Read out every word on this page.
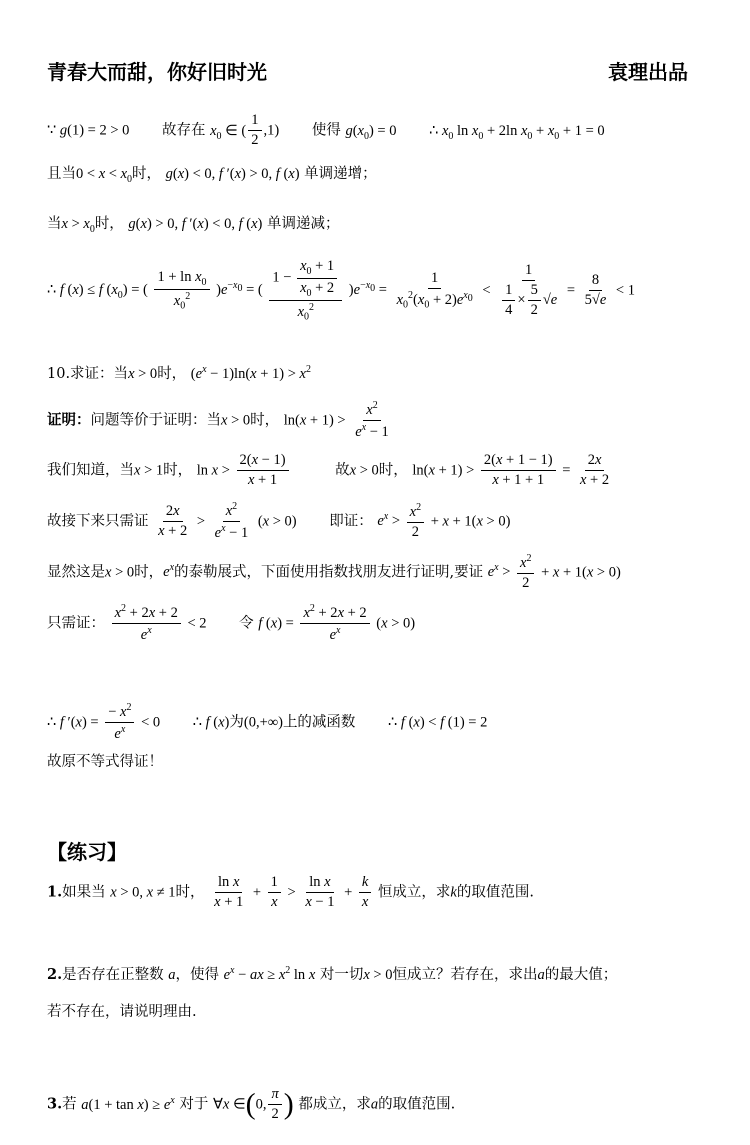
青春大而甜，你好旧时光	袁理出品
∵ g(1) = 2 > 0 故存在 $x_0$ ∈ ( $\frac{1}{2} ,1$) 使得 $g(x_0) = 0$ ∴ $x_0$ $\ln x_0 + 2\ln$ $x_0 + x_0 + 1 = 0$
且当$0 < x < x_0$时， g(x) < 0, f ′(x) > 0, f (x) 单调递增；
当$x > x_0$时， g(x) > 0, f ′(x) < 0, f (x) 单调递减；
∴ f (x) ≤ f $(x_0)$ = ( $\frac{1 + \ln x_0}{x_0^2} )e^{-x_0}$ = ( $\frac{1 - \frac{x_0 + 1}{x_0 + 2}}{x_0^2} )e^{-x_0} = \frac{1}{x_0^2(x_0 + 2)e^{x_0}} < \frac{1}{\frac{1}{4} \times \frac{5}{2} √e} = \frac{8}{5√e} < 1$
10.求证：当x > 0时， $(e^x - 1)\ln(x + 1) > x^2$
证明：问题等价于证明：当x > 0时， $\ln(x + 1) > \frac{x^2}{e^x - 1}$
我们知道，当x > 1时， $\ln x > \frac{2(x - 1)}{x + 1}$	故x > 0时， $\ln(x + 1) > \frac{2(x + 1 - 1)}{x + 1 + 1} = \frac{2x}{x + 2}$
故接下来只需证 $\frac{2x}{x + 2} > \frac{x^2}{e^x - 1} (x > 0)$ 即证： $e^x > \frac{x^2}{2} + x + 1(x > 0)$
显然这是x > 0时，$e^x$的泰勒展式，下面使用指数找朋友进行证明,要证 $e^x > \frac{x^2}{2} + x + 1(x > 0)$
只需证： $\frac{x^2 + 2x + 2}{e^x} < 2$ 令 f $(x) = \frac{x^2 + 2x + 2}{e^x} (x > 0)$
∴ f $'(x) = \frac{- x^2}{e^x} < 0$ ∴ f (x)为(0,+∞)上的减函数 ∴ f (x) < f (1) = 2
故原不等式得证！
【练习】
1.如果当 x > 0, x ≠ 1时， $\frac{\text{ln x}}{x + 1} + \frac{1}{x} > \frac{\text{ln x}}{x - 1} + \frac{k}{x}$ 恒成立，求k的取值范围.
2.是否存在正整数 a，使得 $e^x$ − ax ≥ $x^2$ ln x 对一切x > 0恒成立？若存在，求出a的最大值；
若不存在，请说明理由.
3.若 $a(1 + \tan x) \ge e^x$ 对于 ∀x ∈(0, $\frac{\pi}{2}$ ) 都成立，求a的取值范围.
